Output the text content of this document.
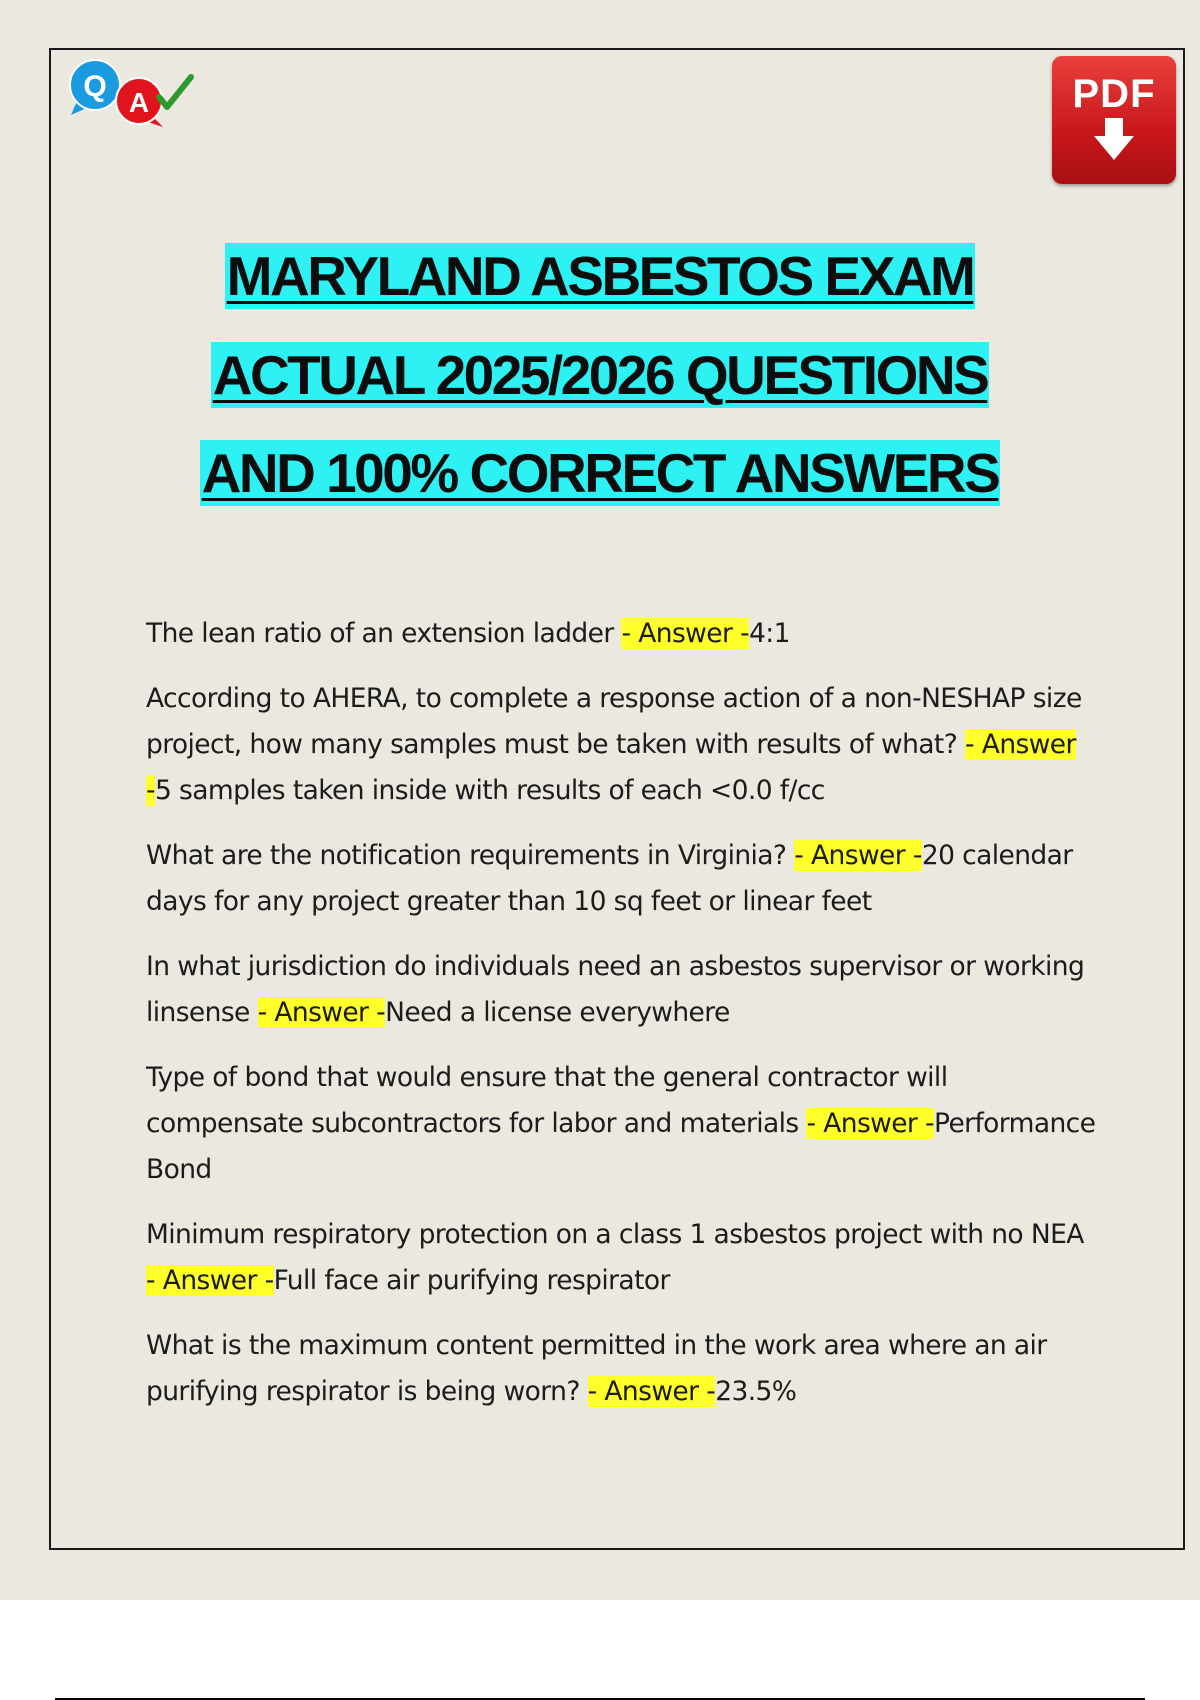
Q A	PDF
MARYLAND ASBESTOS EXAM
ACTUAL 2025/2026 QUESTIONS
AND 100% CORRECT ANSWERS
The lean ratio of an extension ladder - Answer -4:1
According to AHERA, to complete a response action of a non-NESHAP size project, how many samples must be taken with results of what? - Answer -5 samples taken inside with results of each <0.0 f/cc
What are the notification requirements in Virginia? - Answer -20 calendar days for any project greater than 10 sq feet or linear feet
In what jurisdiction do individuals need an asbestos supervisor or working linsense - Answer -Need a license everywhere
Type of bond that would ensure that the general contractor will compensate subcontractors for labor and materials - Answer -Performance Bond
Minimum respiratory protection on a class 1 asbestos project with no NEA - Answer -Full face air purifying respirator
What is the maximum content permitted in the work area where an air purifying respirator is being worn? - Answer -23.5%
